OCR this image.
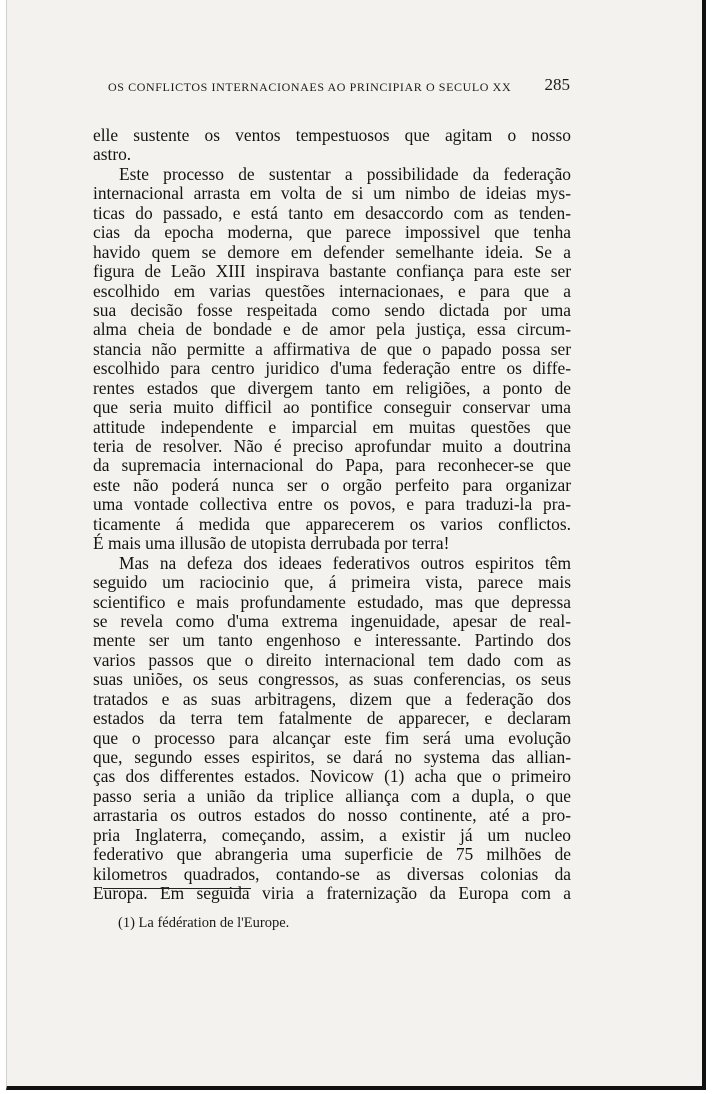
OS CONFLICTOS INTERNACIONAES AO PRINCIPIAR O SECULO XX 285
elle sustente os ventos tempestuosos que agitam o nosso
astro.
Este processo de sustentar a possibilidade da federação
internacional arrasta em volta de si um nimbo de ideias mys-
ticas do passado, e está tanto em desaccordo com as tenden-
cias da epocha moderna, que parece impossivel que tenha
havido quem se demore em defender semelhante ideia. Se a
figura de Leão XIII inspirava bastante confiança para este ser
escolhido em varias questões internacionaes, e para que a
sua decisão fosse respeitada como sendo dictada por uma
alma cheia de bondade e de amor pela justiça, essa circum-
stancia não permitte a affirmativa de que o papado possa ser
escolhido para centro juridico d'uma federação entre os diffe-
rentes estados que divergem tanto em religiões, a ponto de
que seria muito difficil ao pontifice conseguir conservar uma
attitude independente e imparcial em muitas questões que
teria de resolver. Não é preciso aprofundar muito a doutrina
da supremacia internacional do Papa, para reconhecer-se que
este não poderá nunca ser o orgão perfeito para organizar
uma vontade collectiva entre os povos, e para traduzi-la pra-
ticamente á medida que apparecerem os varios conflictos.
É mais uma illusão de utopista derrubada por terra!
Mas na defeza dos ideaes federativos outros espiritos têm
seguido um raciocinio que, á primeira vista, parece mais
scientifico e mais profundamente estudado, mas que depressa
se revela como d'uma extrema ingenuidade, apesar de real-
mente ser um tanto engenhoso e interessante. Partindo dos
varios passos que o direito internacional tem dado com as
suas uniões, os seus congressos, as suas conferencias, os seus
tratados e as suas arbitragens, dizem que a federação dos
estados da terra tem fatalmente de apparecer, e declaram
que o processo para alcançar este fim será uma evolução
que, segundo esses espiritos, se dará no systema das allian-
ças dos differentes estados. Novicow (1) acha que o primeiro
passo seria a união da triplice alliança com a dupla, o que
arrastaria os outros estados do nosso continente, até a pro-
pria Inglaterra, começando, assim, a existir já um nucleo
federativo que abrangeria uma superficie de 75 milhões de
kilometros quadrados, contando-se as diversas colonias da
Europa. Em seguida viria a fraternização da Europa com a
(1) La fédération de l'Europe.
